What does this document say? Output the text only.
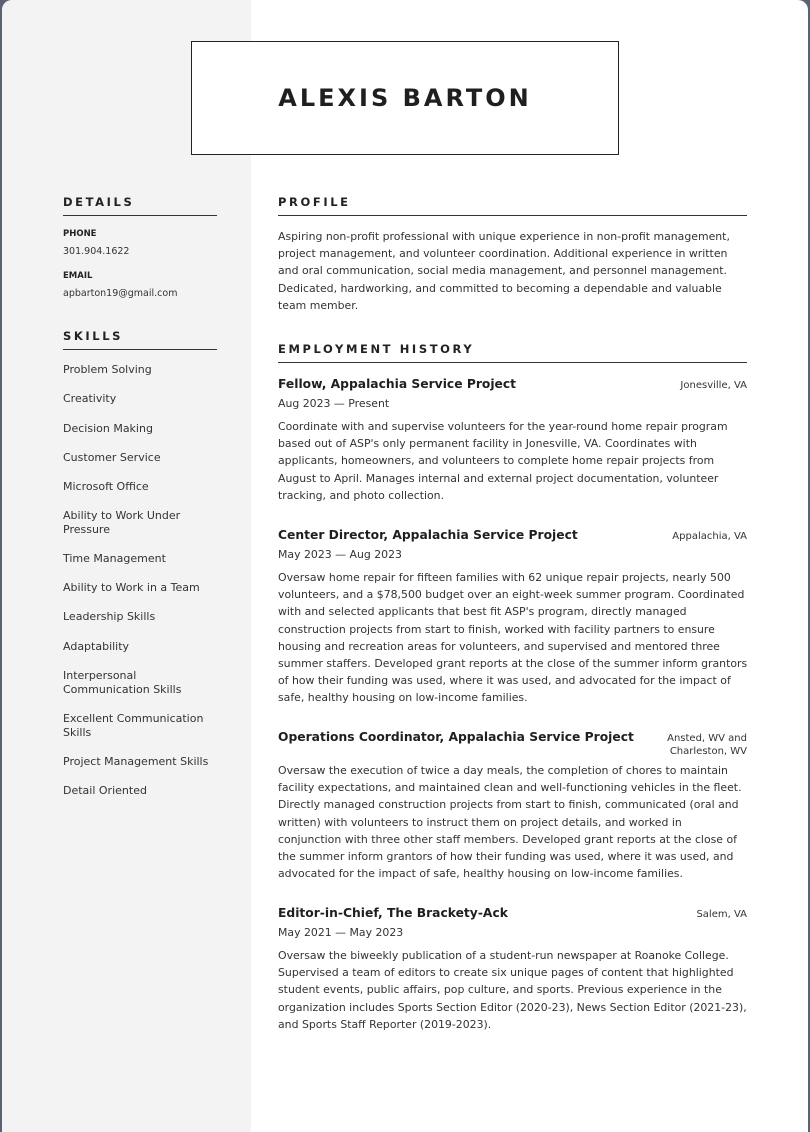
ALEXIS BARTON
DETAILS
PHONE
301.904.1622
EMAIL
apbarton19@gmail.com
SKILLS
Problem Solving
Creativity
Decision Making
Customer Service
Microsoft Office
Ability to Work Under Pressure
Time Management
Ability to Work in a Team
Leadership Skills
Adaptability
Interpersonal Communication Skills
Excellent Communication Skills
Project Management Skills
Detail Oriented
PROFILE
Aspiring non-profit professional with unique experience in non-profit management, project management, and volunteer coordination. Additional experience in written and oral communication, social media management, and personnel management. Dedicated, hardworking, and committed to becoming a dependable and valuable team member.
EMPLOYMENT HISTORY
Fellow, Appalachia Service Project	Jonesville, VA
Aug 2023 — Present
Coordinate with and supervise volunteers for the year-round home repair program based out of ASP's only permanent facility in Jonesville, VA. Coordinates with applicants, homeowners, and volunteers to complete home repair projects from August to April. Manages internal and external project documentation, volunteer tracking, and photo collection.
Center Director, Appalachia Service Project	Appalachia, VA
May 2023 — Aug 2023
Oversaw home repair for fifteen families with 62 unique repair projects, nearly 500 volunteers, and a $78,500 budget over an eight-week summer program. Coordinated with and selected applicants that best fit ASP's program, directly managed construction projects from start to finish, worked with facility partners to ensure housing and recreation areas for volunteers, and supervised and mentored three summer staffers. Developed grant reports at the close of the summer inform grantors of how their funding was used, where it was used, and advocated for the impact of safe, healthy housing on low-income families.
Operations Coordinator, Appalachia Service Project	Ansted, WV and
Charleston, WV
Oversaw the execution of twice a day meals, the completion of chores to maintain facility expectations, and maintained clean and well-functioning vehicles in the fleet. Directly managed construction projects from start to finish, communicated (oral and written) with volunteers to instruct them on project details, and worked in conjunction with three other staff members. Developed grant reports at the close of the summer inform grantors of how their funding was used, where it was used, and advocated for the impact of safe, healthy housing on low-income families.
Editor-in-Chief, The Brackety-Ack	Salem, VA
May 2021 — May 2023
Oversaw the biweekly publication of a student-run newspaper at Roanoke College. Supervised a team of editors to create six unique pages of content that highlighted student events, public affairs, pop culture, and sports. Previous experience in the organization includes Sports Section Editor (2020-23), News Section Editor (2021-23), and Sports Staff Reporter (2019-2023).
